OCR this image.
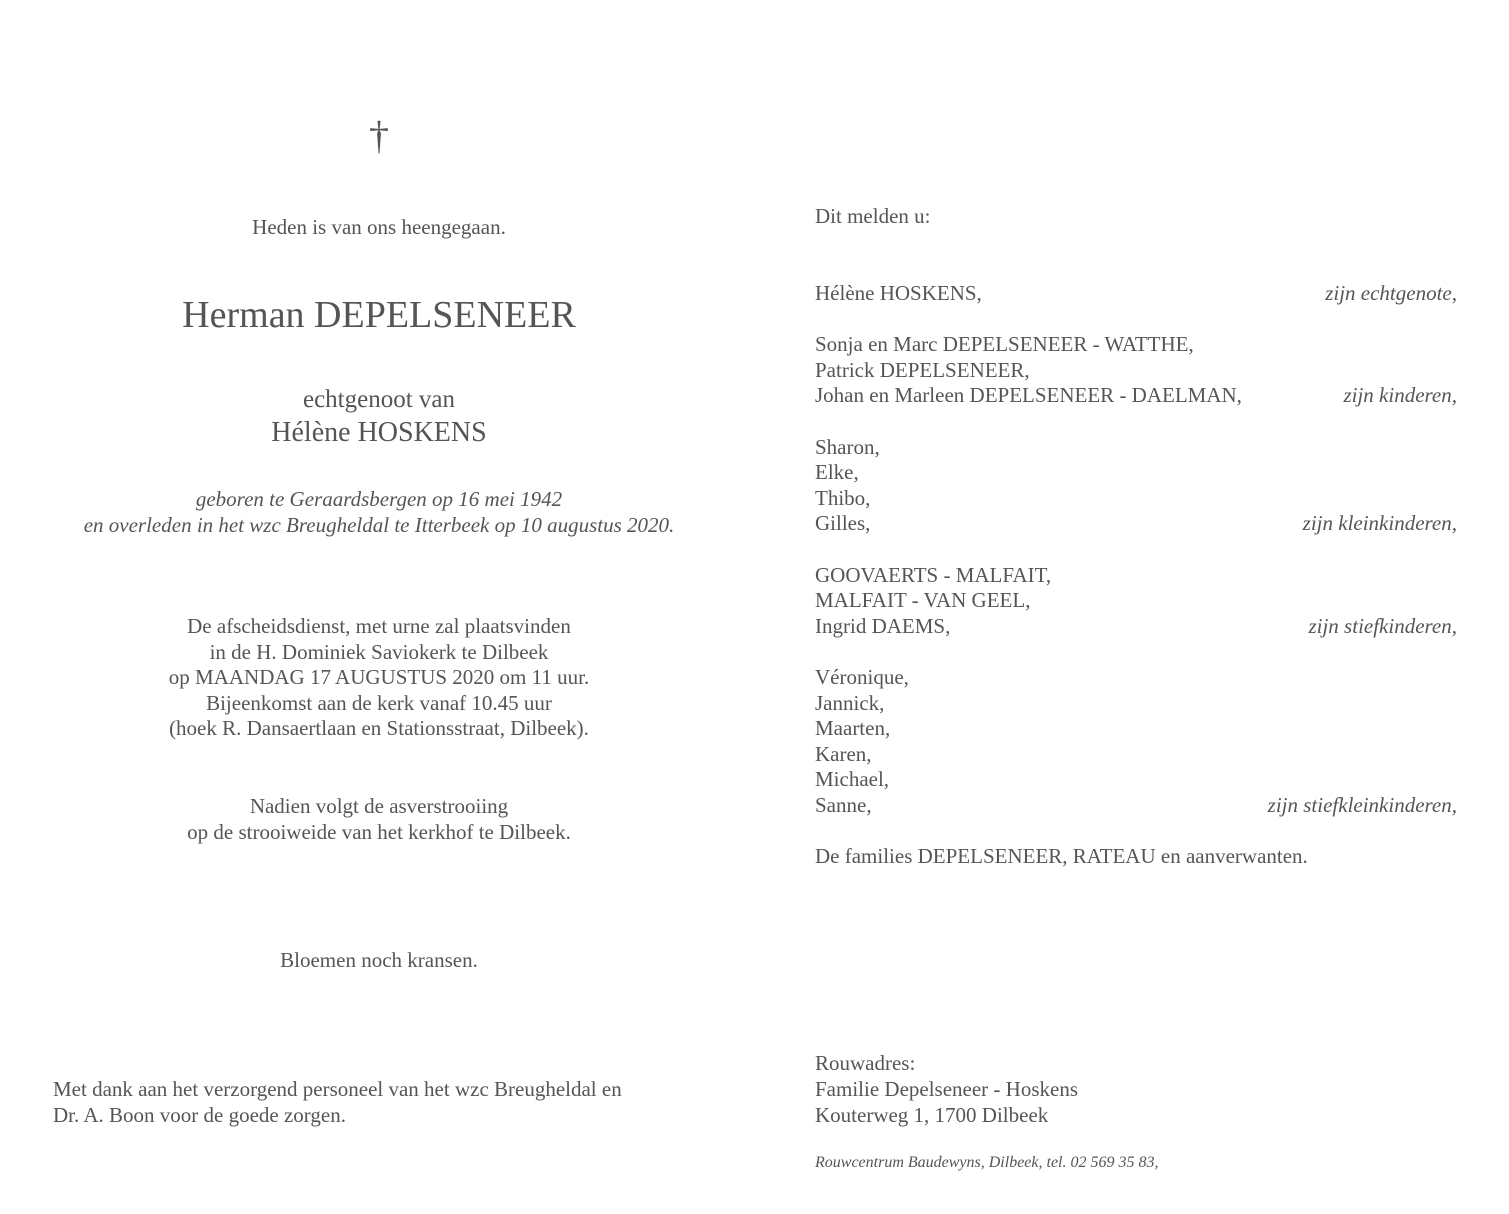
†
Heden is van ons heengegaan.
Herman DEPELSENEER
echtgenoot van
Hélène HOSKENS
geboren te Geraardsbergen op 16 mei 1942
en overleden in het wzc Breugheldal te Itterbeek op 10 augustus 2020.
De afscheidsdienst, met urne zal plaatsvinden
in de H. Dominiek Saviokerk te Dilbeek
op MAANDAG 17 AUGUSTUS 2020 om 11 uur.
Bijeenkomst aan de kerk vanaf 10.45 uur
(hoek R. Dansaertlaan en Stationsstraat, Dilbeek).
Nadien volgt de asverstrooiing
op de strooiweide van het kerkhof te Dilbeek.
Bloemen noch kransen.
Met dank aan het verzorgend personeel van het wzc Breugheldal en
Dr. A. Boon voor de goede zorgen.
Dit melden u:
Hélène HOSKENS,	zijn echtgenote,
Sonja en Marc DEPELSENEER - WATTHE,
Patrick DEPELSENEER,
Johan en Marleen DEPELSENEER - DAELMAN,	zijn kinderen,
Sharon,
Elke,
Thibo,
Gilles,	zijn kleinkinderen,
GOOVAERTS - MALFAIT,
MALFAIT - VAN GEEL,
Ingrid DAEMS,	zijn stiefkinderen,
Véronique,
Jannick,
Maarten,
Karen,
Michael,
Sanne,	zijn stiefkleinkinderen,
De families DEPELSENEER, RATEAU en aanverwanten.
Rouwadres:
Familie Depelseneer - Hoskens
Kouterweg 1, 1700 Dilbeek
Rouwcentrum Baudewyns, Dilbeek, tel. 02 569 35 83,
